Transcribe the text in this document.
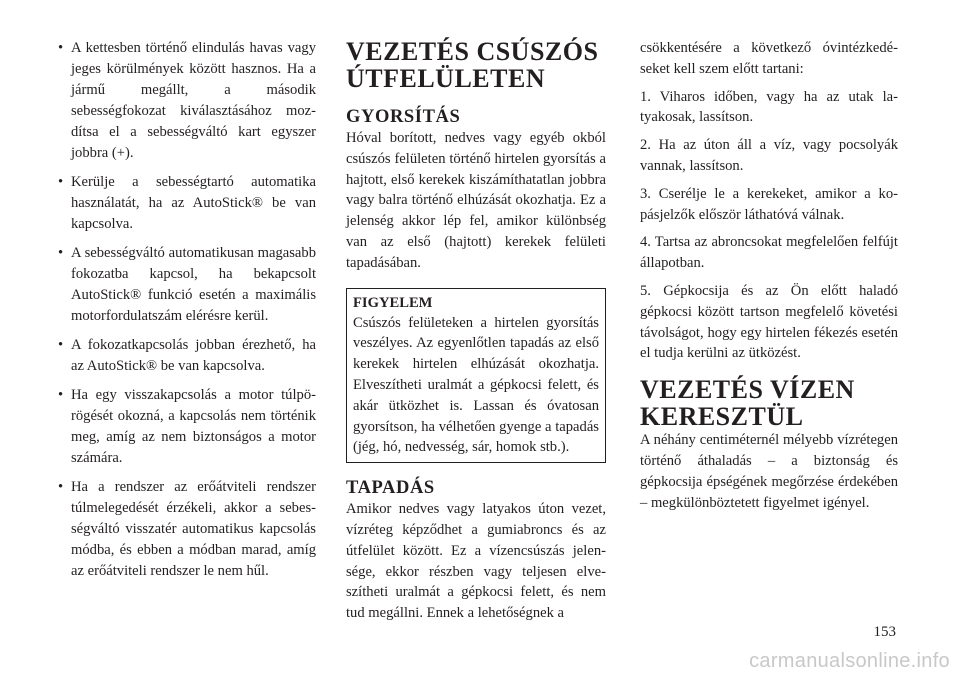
• A kettesben történő elindulás havas vagy jeges körülmények között hasznos. Ha a jármű megállt, a második sebességfokozat kiválasztásához mozdítsa el a sebességváltó kart egyszer jobbra (+).
• Kerülje a sebességtartó automatika használatát, ha az AutoStick® be van kapcsolva.
• A sebességváltó automatikusan magasabb fokozatba kapcsol, ha bekapcsolt AutoStick® funkció esetén a maximális motorfordulatszám elérésre kerül.
• A fokozatkapcsolás jobban érezhető, ha az AutoStick® be van kapcsolva.
• Ha egy visszakapcsolás a motor túlpörögését okozná, a kapcsolás nem történik meg, amíg az nem biztonságos a motor számára.
• Ha a rendszer az erőátviteli rendszer túlmelegedését érzékeli, akkor a sebességváltó visszatér automatikus kapcsolás módba, és ebben a módban marad, amíg az erőátviteli rendszer le nem hűl.
VEZETÉS CSÚSZÓS ÚTFELÜLETEN
GYORSÍTÁS

Hóval borított, nedves vagy egyéb okból csúszós felületen történő hirtelen gyorsítás a hajtott, első kerekek kiszámíthatatlan jobbra vagy balra történő elhúzását okozhatja. Ez a jelenség akkor lép fel, amikor különbség van az első (hajtott) kerekek felületi tapadásában.

FIGYELEM
Csúszós felületeken a hirtelen gyorsítás veszélyes. Az egyenlőtlen tapadás az első kerekek hirtelen elhúzását okozhatja. Elveszítheti uralmát a gépkocsi felett, és akár ütközhet is. Lassan és óvatosan gyorsítson, ha vélhetően gyenge a tapadás (jég, hó, nedvesség, sár, homok stb.).
TAPADÁS

Amikor nedves vagy latyakos úton vezet, vízréteg képződhet a gumiabroncs és az útfelület között. Ez a vízencsúszás jelensége, ekkor részben vagy teljesen elveszítheti uralmát a gépkocsi felett, és nem tud megállni. Ennek a lehetőségnek a

csökkentésére a következő óvintézkedéseket kell szem előtt tartani:

1. Viharos időben, vagy ha az utak latyakosak, lassítson.

2. Ha az úton áll a víz, vagy pocsolyák vannak, lassítson.

3. Cserélje le a kerekeket, amikor a kopásjelzők először láthatóvá válnak.

4. Tartsa az abroncsokat megfelelően felfújt állapotban.

5. Gépkocsija és az Ön előtt haladó gépkocsi között tartson megfelelő követési távolságot, hogy egy hirtelen fékezés esetén el tudja kerülni az ütközést.

VEZETÉS VÍZEN KERESZTÜL

A néhány centiméternél mélyebb vízrétegen történő áthaladás – a biztonság és gépkocsija épségének megőrzése érdekében – megkülönböztetett figyelmet igényel.

153
carmanualsonline.info
